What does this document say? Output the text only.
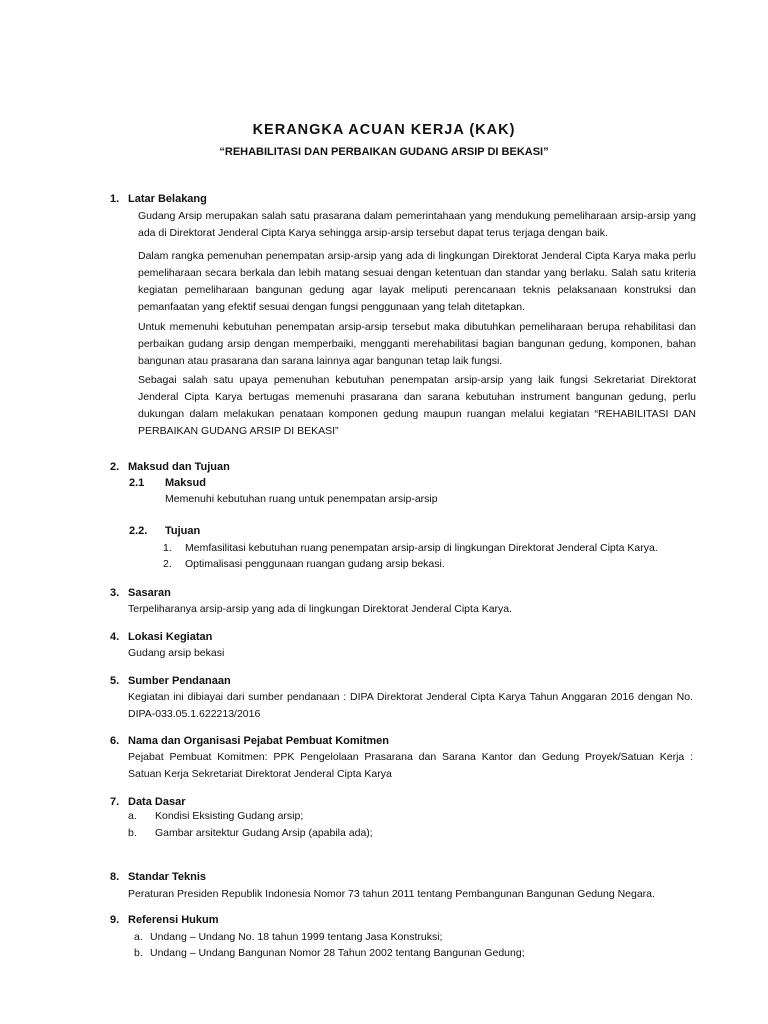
KERANGKA ACUAN KERJA (KAK)
“REHABILITASI DAN PERBAIKAN GUDANG ARSIP DI BEKASI”
1. Latar Belakang
Gudang Arsip merupakan salah satu prasarana dalam pemerintahaan yang mendukung pemeliharaan arsip-arsip yang
ada di Direktorat Jenderal Cipta Karya sehingga arsip-arsip tersebut dapat terus terjaga dengan baik.
Dalam rangka pemenuhan penempatan arsip-arsip yang ada di lingkungan Direktorat Jenderal Cipta Karya maka perlu
pemeliharaan secara berkala dan lebih matang sesuai dengan ketentuan dan standar yang berlaku. Salah satu kriteria
kegiatan pemeliharaan bangunan gedung agar layak meliputi perencanaan teknis pelaksanaan konstruksi dan
pemanfaatan yang efektif sesuai dengan fungsi penggunaan yang telah ditetapkan.
Untuk memenuhi kebutuhan penempatan arsip-arsip tersebut maka dibutuhkan pemeliharaan berupa rehabilitasi dan
perbaikan gudang arsip dengan memperbaiki, mengganti merehabilitasi bagian bangunan gedung, komponen, bahan
bangunan atau prasarana dan sarana lainnya agar bangunan tetap laik fungsi.
Sebagai salah satu upaya pemenuhan kebutuhan penempatan arsip-arsip yang laik fungsi Sekretariat Direktorat
Jenderal Cipta Karya bertugas memenuhi prasarana dan sarana kebutuhan instrument bangunan gedung, perlu
dukungan dalam melakukan penataan komponen gedung maupun ruangan melalui kegiatan “REHABILITASI DAN
PERBAIKAN GUDANG ARSIP DI BEKASI”
2. Maksud dan Tujuan
2.1 Maksud
Memenuhi kebutuhan ruang untuk penempatan arsip-arsip
2.2. Tujuan
1. Memfasilitasi kebutuhan ruang penempatan arsip-arsip di lingkungan Direktorat Jenderal Cipta Karya.
2. Optimalisasi penggunaan ruangan gudang arsip bekasi.
3. Sasaran
Terpeliharanya arsip-arsip yang ada di lingkungan Direktorat Jenderal Cipta Karya.
4. Lokasi Kegiatan
Gudang arsip bekasi
5. Sumber Pendanaan
Kegiatan ini dibiayai dari sumber pendanaan : DIPA Direktorat Jenderal Cipta Karya Tahun Anggaran 2016 dengan No.
DIPA-033.05.1.622213/2016
6. Nama dan Organisasi Pejabat Pembuat Komitmen
Pejabat Pembuat Komitmen: PPK Pengelolaan Prasarana dan Sarana Kantor dan Gedung Proyek/Satuan Kerja :
Satuan Kerja Sekretariat Direktorat Jenderal Cipta Karya
7. Data Dasar
a. Kondisi Eksisting Gudang arsip;
b. Gambar arsitektur Gudang Arsip (apabila ada);
8. Standar Teknis
Peraturan Presiden Republik Indonesia Nomor 73 tahun 2011 tentang Pembangunan Bangunan Gedung Negara.
9. Referensi Hukum
a. Undang – Undang No. 18 tahun 1999 tentang Jasa Konstruksi;
b. Undang – Undang Bangunan Nomor 28 Tahun 2002 tentang Bangunan Gedung;
